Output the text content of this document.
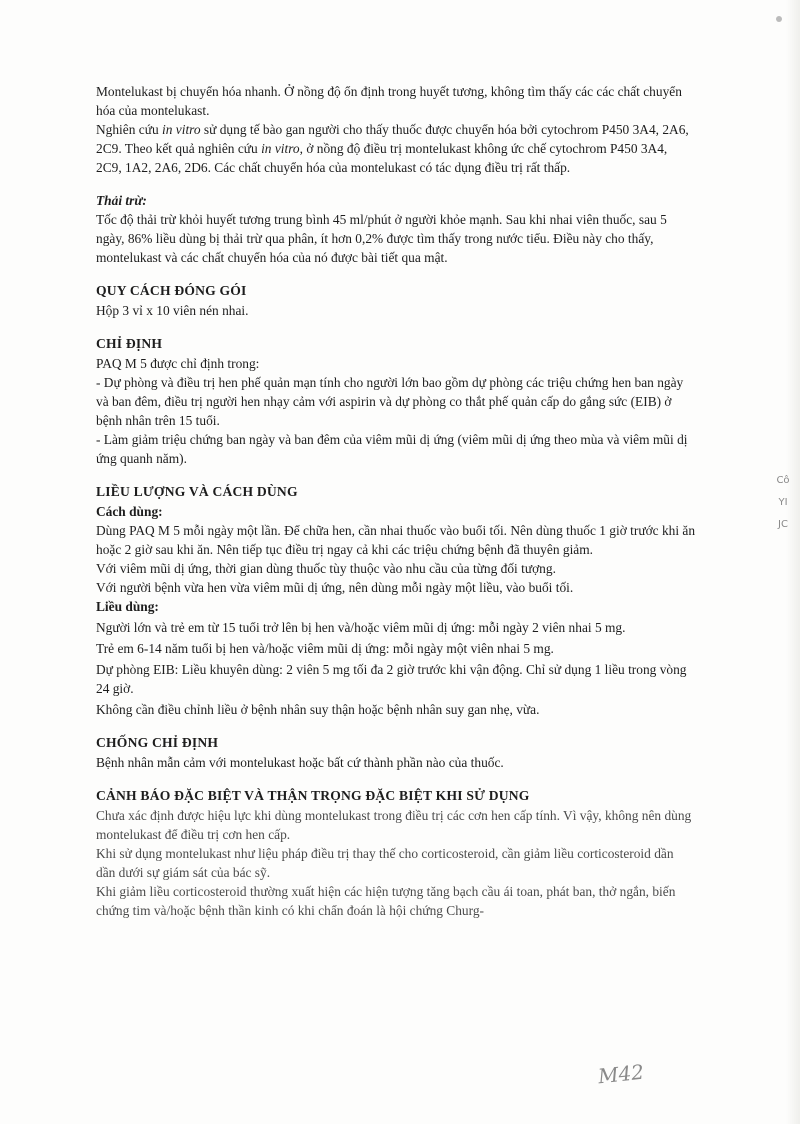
Montelukast bị chuyển hóa nhanh. Ở nồng độ ổn định trong huyết tương, không tìm thấy các các chất chuyển hóa của montelukast.

Nghiên cứu in vitro sử dụng tế bào gan người cho thấy thuốc được chuyển hóa bởi cytochrom P450 3A4, 2A6, 2C9. Theo kết quả nghiên cứu in vitro, ở nồng độ điều trị montelukast không ức chế cytochrom P450 3A4, 2C9, 1A2, 2A6, 2D6. Các chất chuyển hóa của montelukast có tác dụng điều trị rất thấp.

Thải trừ:

Tốc độ thải trừ khỏi huyết tương trung bình 45 ml/phút ở người khỏe mạnh. Sau khi nhai viên thuốc, sau 5 ngày, 86% liều dùng bị thải trừ qua phân, ít hơn 0,2% được tìm thấy trong nước tiểu. Điều này cho thấy, montelukast và các chất chuyển hóa của nó được bài tiết qua mật.

QUY CÁCH ĐÓNG GÓI

Hộp 3 vỉ x 10 viên nén nhai.

CHỈ ĐỊNH

PAQ M 5 được chỉ định trong:

- Dự phòng và điều trị hen phế quản mạn tính cho người lớn bao gồm dự phòng các triệu chứng hen ban ngày và ban đêm, điều trị người hen nhạy cảm với aspirin và dự phòng co thắt phế quản cấp do gắng sức (EIB) ở bệnh nhân trên 15 tuổi.

- Làm giảm triệu chứng ban ngày và ban đêm của viêm mũi dị ứng (viêm mũi dị ứng theo mùa và viêm mũi dị ứng quanh năm).

LIỀU LƯỢNG VÀ CÁCH DÙNG

Cách dùng:

Dùng PAQ M 5 mỗi ngày một lần. Để chữa hen, cần nhai thuốc vào buổi tối. Nên dùng thuốc 1 giờ trước khi ăn hoặc 2 giờ sau khi ăn. Nên tiếp tục điều trị ngay cả khi các triệu chứng bệnh đã thuyên giảm.

Với viêm mũi dị ứng, thời gian dùng thuốc tùy thuộc vào nhu cầu của từng đối tượng.

Với người bệnh vừa hen vừa viêm mũi dị ứng, nên dùng mỗi ngày một liều, vào buổi tối.

Liều dùng:

Người lớn và trẻ em từ 15 tuổi trở lên bị hen và/hoặc viêm mũi dị ứng: mỗi ngày 2 viên nhai 5 mg.

Trẻ em 6-14 năm tuổi bị hen và/hoặc viêm mũi dị ứng: mỗi ngày một viên nhai 5 mg.

Dự phòng EIB: Liều khuyên dùng: 2 viên 5 mg tối đa 2 giờ trước khi vận động. Chỉ sử dụng 1 liều trong vòng 24 giờ.

Không cần điều chỉnh liều ở bệnh nhân suy thận hoặc bệnh nhân suy gan nhẹ, vừa.

CHỐNG CHỈ ĐỊNH

Bệnh nhân mẫn cảm với montelukast hoặc bất cứ thành phần nào của thuốc.

CẢNH BÁO ĐẶC BIỆT VÀ THẬN TRỌNG ĐẶC BIỆT KHI SỬ DỤNG

Chưa xác định được hiệu lực khi dùng montelukast trong điều trị các cơn hen cấp tính. Vì vậy, không nên dùng montelukast để điều trị cơn hen cấp.

Khi sử dụng montelukast như liệu pháp điều trị thay thế cho corticosteroid, cần giảm liều corticosteroid dần dần dưới sự giám sát của bác sỹ.

Khi giảm liều corticosteroid thường xuất hiện các hiện tượng tăng bạch cầu ái toan, phát ban, thở ngắn, biến chứng tim và/hoặc bệnh thần kinh có khi chẩn đoán là hội chứng Churg-

Cô
YI
JC
M42
